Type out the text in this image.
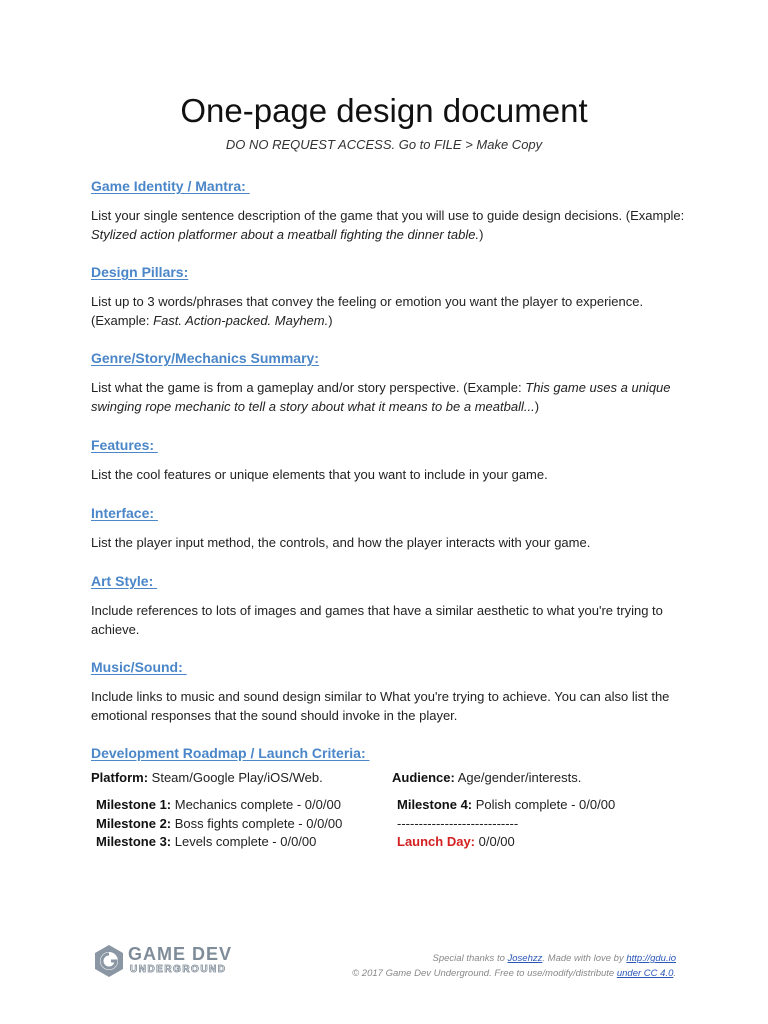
One-page design document
DO NO REQUEST ACCESS. Go to FILE > Make Copy
Game Identity / Mantra:

List your single sentence description of the game that you will use to guide design decisions. (Example: Stylized action platformer about a meatball fighting the dinner table.)

Design Pillars:

List up to 3 words/phrases that convey the feeling or emotion you want the player to experience. (Example: Fast. Action-packed. Mayhem.)

Genre/Story/Mechanics Summary:

List what the game is from a gameplay and/or story perspective. (Example: This game uses a unique swinging rope mechanic to tell a story about what it means to be a meatball...)

Features:

List the cool features or unique elements that you want to include in your game.

Interface:

List the player input method, the controls, and how the player interacts with your game.

Art Style:

Include references to lots of images and games that have a similar aesthetic to what you're trying to achieve.

Music/Sound:

Include links to music and sound design similar to What you're trying to achieve. You can also list the emotional responses that the sound should invoke in the player.

Development Roadmap / Launch Criteria:
Platform: Steam/Google Play/iOS/Web.	Audience: Age/gender/interests.
Milestone 1: Mechanics complete - 0/0/00
Milestone 2: Boss fights complete - 0/0/00
Milestone 3: Levels complete - 0/0/00
Milestone 4: Polish complete - 0/0/00
----------------------------
Launch Day: 0/0/00
GAME DEV
UNDERGROUND
Special thanks to Josehzz. Made with love by http://gdu.io
© 2017 Game Dev Underground. Free to use/modify/distribute under CC 4.0.
